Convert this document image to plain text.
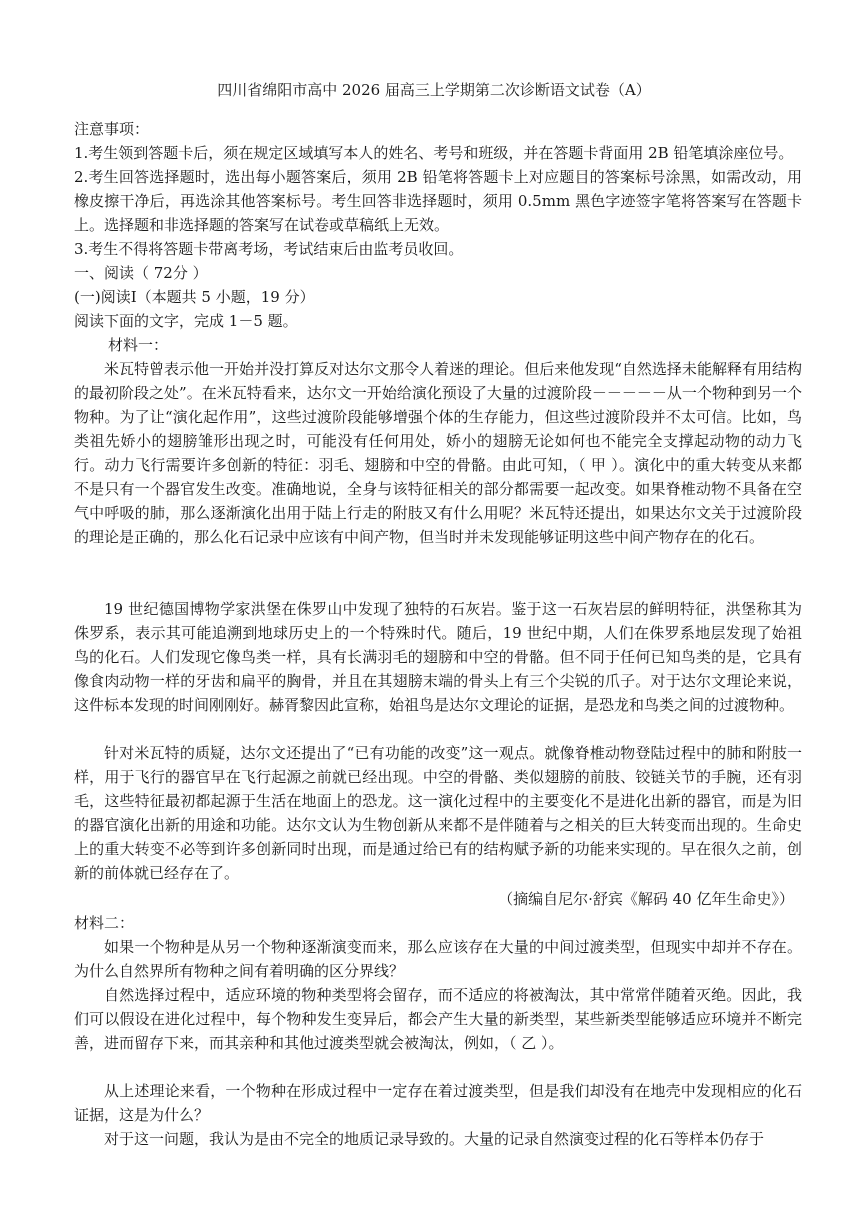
四川省绵阳市高中 2026 届高三上学期第二次诊断语文试卷（A）
注意事项：
1.考生领到答题卡后，须在规定区域填写本人的姓名、考号和班级，并在答题卡背面用 2B 铅笔填涂座位号。
2.考生回答选择题时，选出每小题答案后，须用 2B 铅笔将答题卡上对应题目的答案标号涂黑，如需改动，用橡皮擦干净后，再选涂其他答案标号。考生回答非选择题时，须用 0.5mm 黑色字迹签字笔将答案写在答题卡上。选择题和非选择题的答案写在试卷或草稿纸上无效。
3.考生不得将答题卡带离考场，考试结束后由监考员收回。
一、阅读（ 72分 ）
(一)阅读Ⅰ（本题共 5 小题，19 分）
阅读下面的文字，完成 1－5 题。
材料一：
米瓦特曾表示他一开始并没打算反对达尔文那令人着迷的理论。但后来他发现“自然选择未能解释有用结构的最初阶段之处”。在米瓦特看来，达尔文一开始给演化预设了大量的过渡阶段－－－－－从一个物种到另一个物种。为了让“演化起作用”，这些过渡阶段能够增强个体的生存能力，但这些过渡阶段并不太可信。比如，鸟类祖先娇小的翅膀雏形出现之时，可能没有任何用处，娇小的翅膀无论如何也不能完全支撑起动物的动力飞行。动力飞行需要许多创新的特征：羽毛、翅膀和中空的骨骼。由此可知，（ 甲 ）。演化中的重大转变从来都不是只有一个器官发生改变。准确地说，全身与该特征相关的部分都需要一起改变。如果脊椎动物不具备在空气中呼吸的肺，那么逐渐演化出用于陆上行走的附肢又有什么用呢？米瓦特还提出，如果达尔文关于过渡阶段的理论是正确的，那么化石记录中应该有中间产物，但当时并未发现能够证明这些中间产物存在的化石。
19 世纪德国博物学家洪堡在侏罗山中发现了独特的石灰岩。鉴于这一石灰岩层的鲜明特征，洪堡称其为侏罗系，表示其可能追溯到地球历史上的一个特殊时代。随后，19 世纪中期，人们在侏罗系地层发现了始祖鸟的化石。人们发现它像鸟类一样，具有长满羽毛的翅膀和中空的骨骼。但不同于任何已知鸟类的是，它具有像食肉动物一样的牙齿和扁平的胸骨，并且在其翅膀末端的骨头上有三个尖锐的爪子。对于达尔文理论来说，这件标本发现的时间刚刚好。赫胥黎因此宣称，始祖鸟是达尔文理论的证据，是恐龙和鸟类之间的过渡物种。
针对米瓦特的质疑，达尔文还提出了“已有功能的改变”这一观点。就像脊椎动物登陆过程中的肺和附肢一样，用于飞行的器官早在飞行起源之前就已经出现。中空的骨骼、类似翅膀的前肢、铰链关节的手腕，还有羽毛，这些特征最初都起源于生活在地面上的恐龙。这一演化过程中的主要变化不是进化出新的器官，而是为旧的器官演化出新的用途和功能。达尔文认为生物创新从来都不是伴随着与之相关的巨大转变而出现的。生命史上的重大转变不必等到许多创新同时出现，而是通过给已有的结构赋予新的功能来实现的。早在很久之前，创新的前体就已经存在了。
（摘编自尼尔·舒宾《解码 40 亿年生命史》）
材料二：
如果一个物种是从另一个物种逐渐演变而来，那么应该存在大量的中间过渡类型，但现实中却并不存在。为什么自然界所有物种之间有着明确的区分界线？
自然选择过程中，适应环境的物种类型将会留存，而不适应的将被淘汰，其中常常伴随着灭绝。因此，我们可以假设在进化过程中，每个物种发生变异后，都会产生大量的新类型，某些新类型能够适应环境并不断完善，进而留存下来，而其亲种和其他过渡类型就会被淘汰，例如，（ 乙 ）。
从上述理论来看，一个物种在形成过程中一定存在着过渡类型，但是我们却没有在地壳中发现相应的化石证据，这是为什么？
对于这一问题，我认为是由不完全的地质记录导致的。大量的记录自然演变过程的化石等样本仍存于
